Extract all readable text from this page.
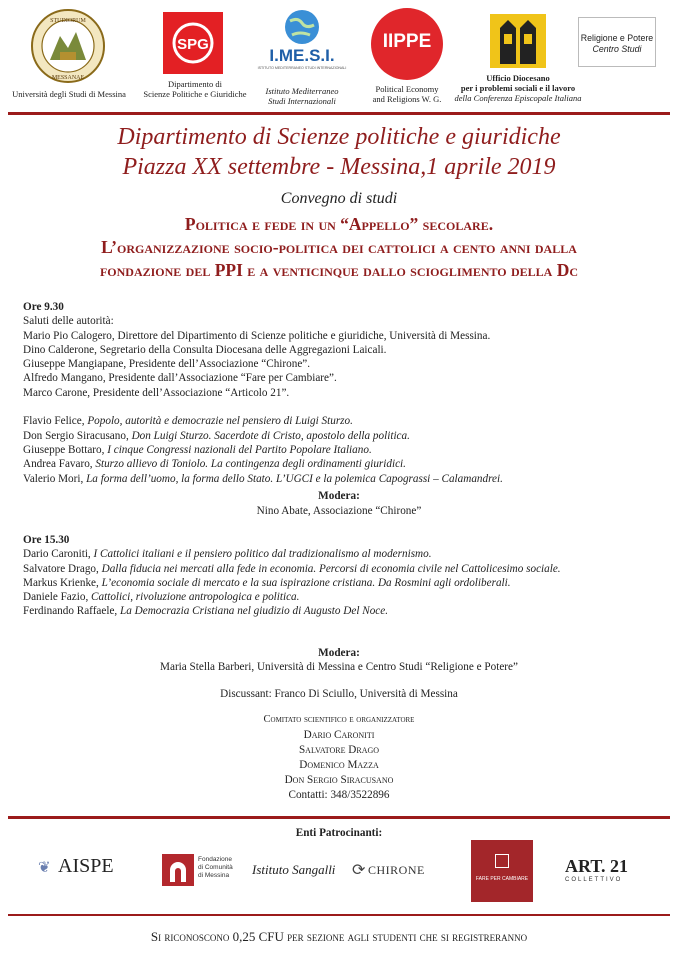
STUDIORUM
MESSANAE
Università degli Studi di Messina
SPG
Dipartimento di
Scienze Politiche e Giuridiche
I.ME.S.I.
ISTITUTO MEDITERRANEO STUDI INTERNAZIONALI
Istituto Mediterraneo
Studi Internazionali
IIPPE
Political Economy
and Religions W. G.
Ufficio Diocesano
per i problemi sociali e il lavoro
della Conferenza Episcopale Italiana
Religione e Potere
Centro Studi
Dipartimento di Scienze politiche e giuridiche
Piazza XX settembre - Messina,1 aprile 2019
Convegno di studi
Politica e fede in un “Appello” secolare.
L’organizzazione socio-politica dei cattolici a cento anni dalla
fondazione del PPI e a venticinque dallo scioglimento della Dc
Ore 9.30
Saluti delle autorità:
Mario Pio Calogero, Direttore del Dipartimento di Scienze politiche e giuridiche, Università di Messina.
Dino Calderone, Segretario della Consulta Diocesana delle Aggregazioni Laicali.
Giuseppe Mangiapane, Presidente dell’Associazione “Chirone”.
Alfredo Mangano, Presidente dall’Associazione “Fare per Cambiare”.
Marco Carone, Presidente dell’Associazione “Articolo 21”.
Flavio Felice, Popolo, autorità e democrazie nel pensiero di Luigi Sturzo.
Don Sergio Siracusano, Don Luigi Sturzo. Sacerdote di Cristo, apostolo della politica.
Giuseppe Bottaro, I cinque Congressi nazionali del Partito Popolare Italiano.
Andrea Favaro, Sturzo allievo di Toniolo. La contingenza degli ordinamenti giuridici.
Valerio Mori, La forma dell’uomo, la forma dello Stato. L’UGCI e la polemica Capograssi – Calamandrei.
Modera:
Nino Abate, Associazione “Chirone”
Ore 15.30
Dario Caroniti, I Cattolici italiani e il pensiero politico dal tradizionalismo al modernismo.
Salvatore Drago, Dalla fiducia nei mercati alla fede in economia. Percorsi di economia civile nel Cattolicesimo sociale.
Markus Krienke, L’economia sociale di mercato e la sua ispirazione cristiana. Da Rosmini agli ordoliberali.
Daniele Fazio, Cattolici, rivoluzione antropologica e politica.
Ferdinando Raffaele, La Democrazia Cristiana nel giudizio di Augusto Del Noce.
Modera:
Maria Stella Barberi, Università di Messina e Centro Studi “Religione e Potere”
Discussant: Franco Di Sciullo, Università di Messina
Comitato scientifico e organizzatore
Dario Caroniti
Salvatore Drago
Domenico Mazza
Don Sergio Siracusano
Contatti: 348/3522896
Enti Patrocinanti:
❦ AISPE	Fondazione
di Comunità
di Messina Istituto Sangalli	⟳ CHIRONE
FARE PER CAMBIARE
ART. 21
COLLETTIVO
Si riconoscono 0,25 CFU per sezione agli studenti che si registreranno
